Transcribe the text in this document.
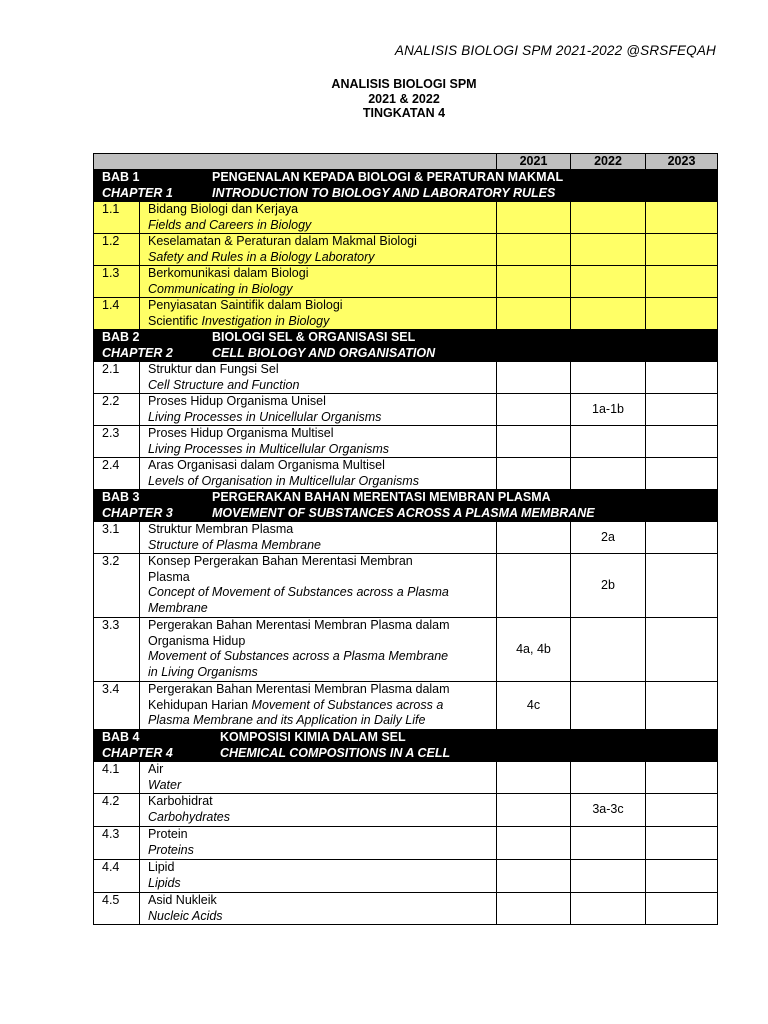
ANALISIS BIOLOGI SPM 2021-2022 @SRSFEQAH
ANALISIS BIOLOGI SPM
2021 & 2022
TINGKATAN 4
		2021	2022	2023

BAB 1 PENGENALAN KEPADA BIOLOGI & PERATURAN MAKMAL
CHAPTER 1 INTRODUCTION TO BIOLOGY AND LABORATORY RULES				

1.1	Bidang Biologi dan Kerjaya
Fields and Careers in Biology			

1.2	Keselamatan & Peraturan dalam Makmal Biologi
Safety and Rules in a Biology Laboratory			

1.3	Berkomunikasi dalam Biologi
Communicating in Biology			

1.4	Penyiasatan Saintifik dalam Biologi
Scientific Investigation in Biology			

BAB 2 BIOLOGI SEL & ORGANISASI SEL
CHAPTER 2 CELL BIOLOGY AND ORGANISATION				

2.1	Struktur dan Fungsi Sel
Cell Structure and Function			

2.2	Proses Hidup Organisma Unisel
Living Processes in Unicellular Organisms		1a-1b	
2.3	Proses Hidup Organisma Multisel
Living Processes in Multicellular Organisms			

2.4	Aras Organisasi dalam Organisma Multisel
Levels of Organisation in Multicellular Organisms			

BAB 3 PERGERAKAN BAHAN MERENTASI MEMBRAN PLASMA
CHAPTER 3 MOVEMENT OF SUBSTANCES ACROSS A PLASMA MEMBRANE				

3.1	Struktur Membran Plasma
Structure of Plasma Membrane		2a	
3.2	Konsep Pergerakan Bahan Merentasi Membran
Plasma
Concept of Movement of Substances across a Plasma
Membrane		2b	
3.3	Pergerakan Bahan Merentasi Membran Plasma dalam
Organisma Hidup
Movement of Substances across a Plasma Membrane
in Living Organisms	4a, 4b		
3.4	Pergerakan Bahan Merentasi Membran Plasma dalam
Kehidupan Harian Movement of Substances across a
Plasma Membrane and its Application in Daily Life	4c		

BAB 4 KOMPOSISI KIMIA DALAM SEL
CHAPTER 4 CHEMICAL COMPOSITIONS IN A CELL				

4.1	Air
Water			

4.2	Karbohidrat
Carbohydrates		3a-3c	
4.3	Protein
Proteins			

4.4	Lipid
Lipids			

4.5	Asid Nukleik
Nucleic Acids			
